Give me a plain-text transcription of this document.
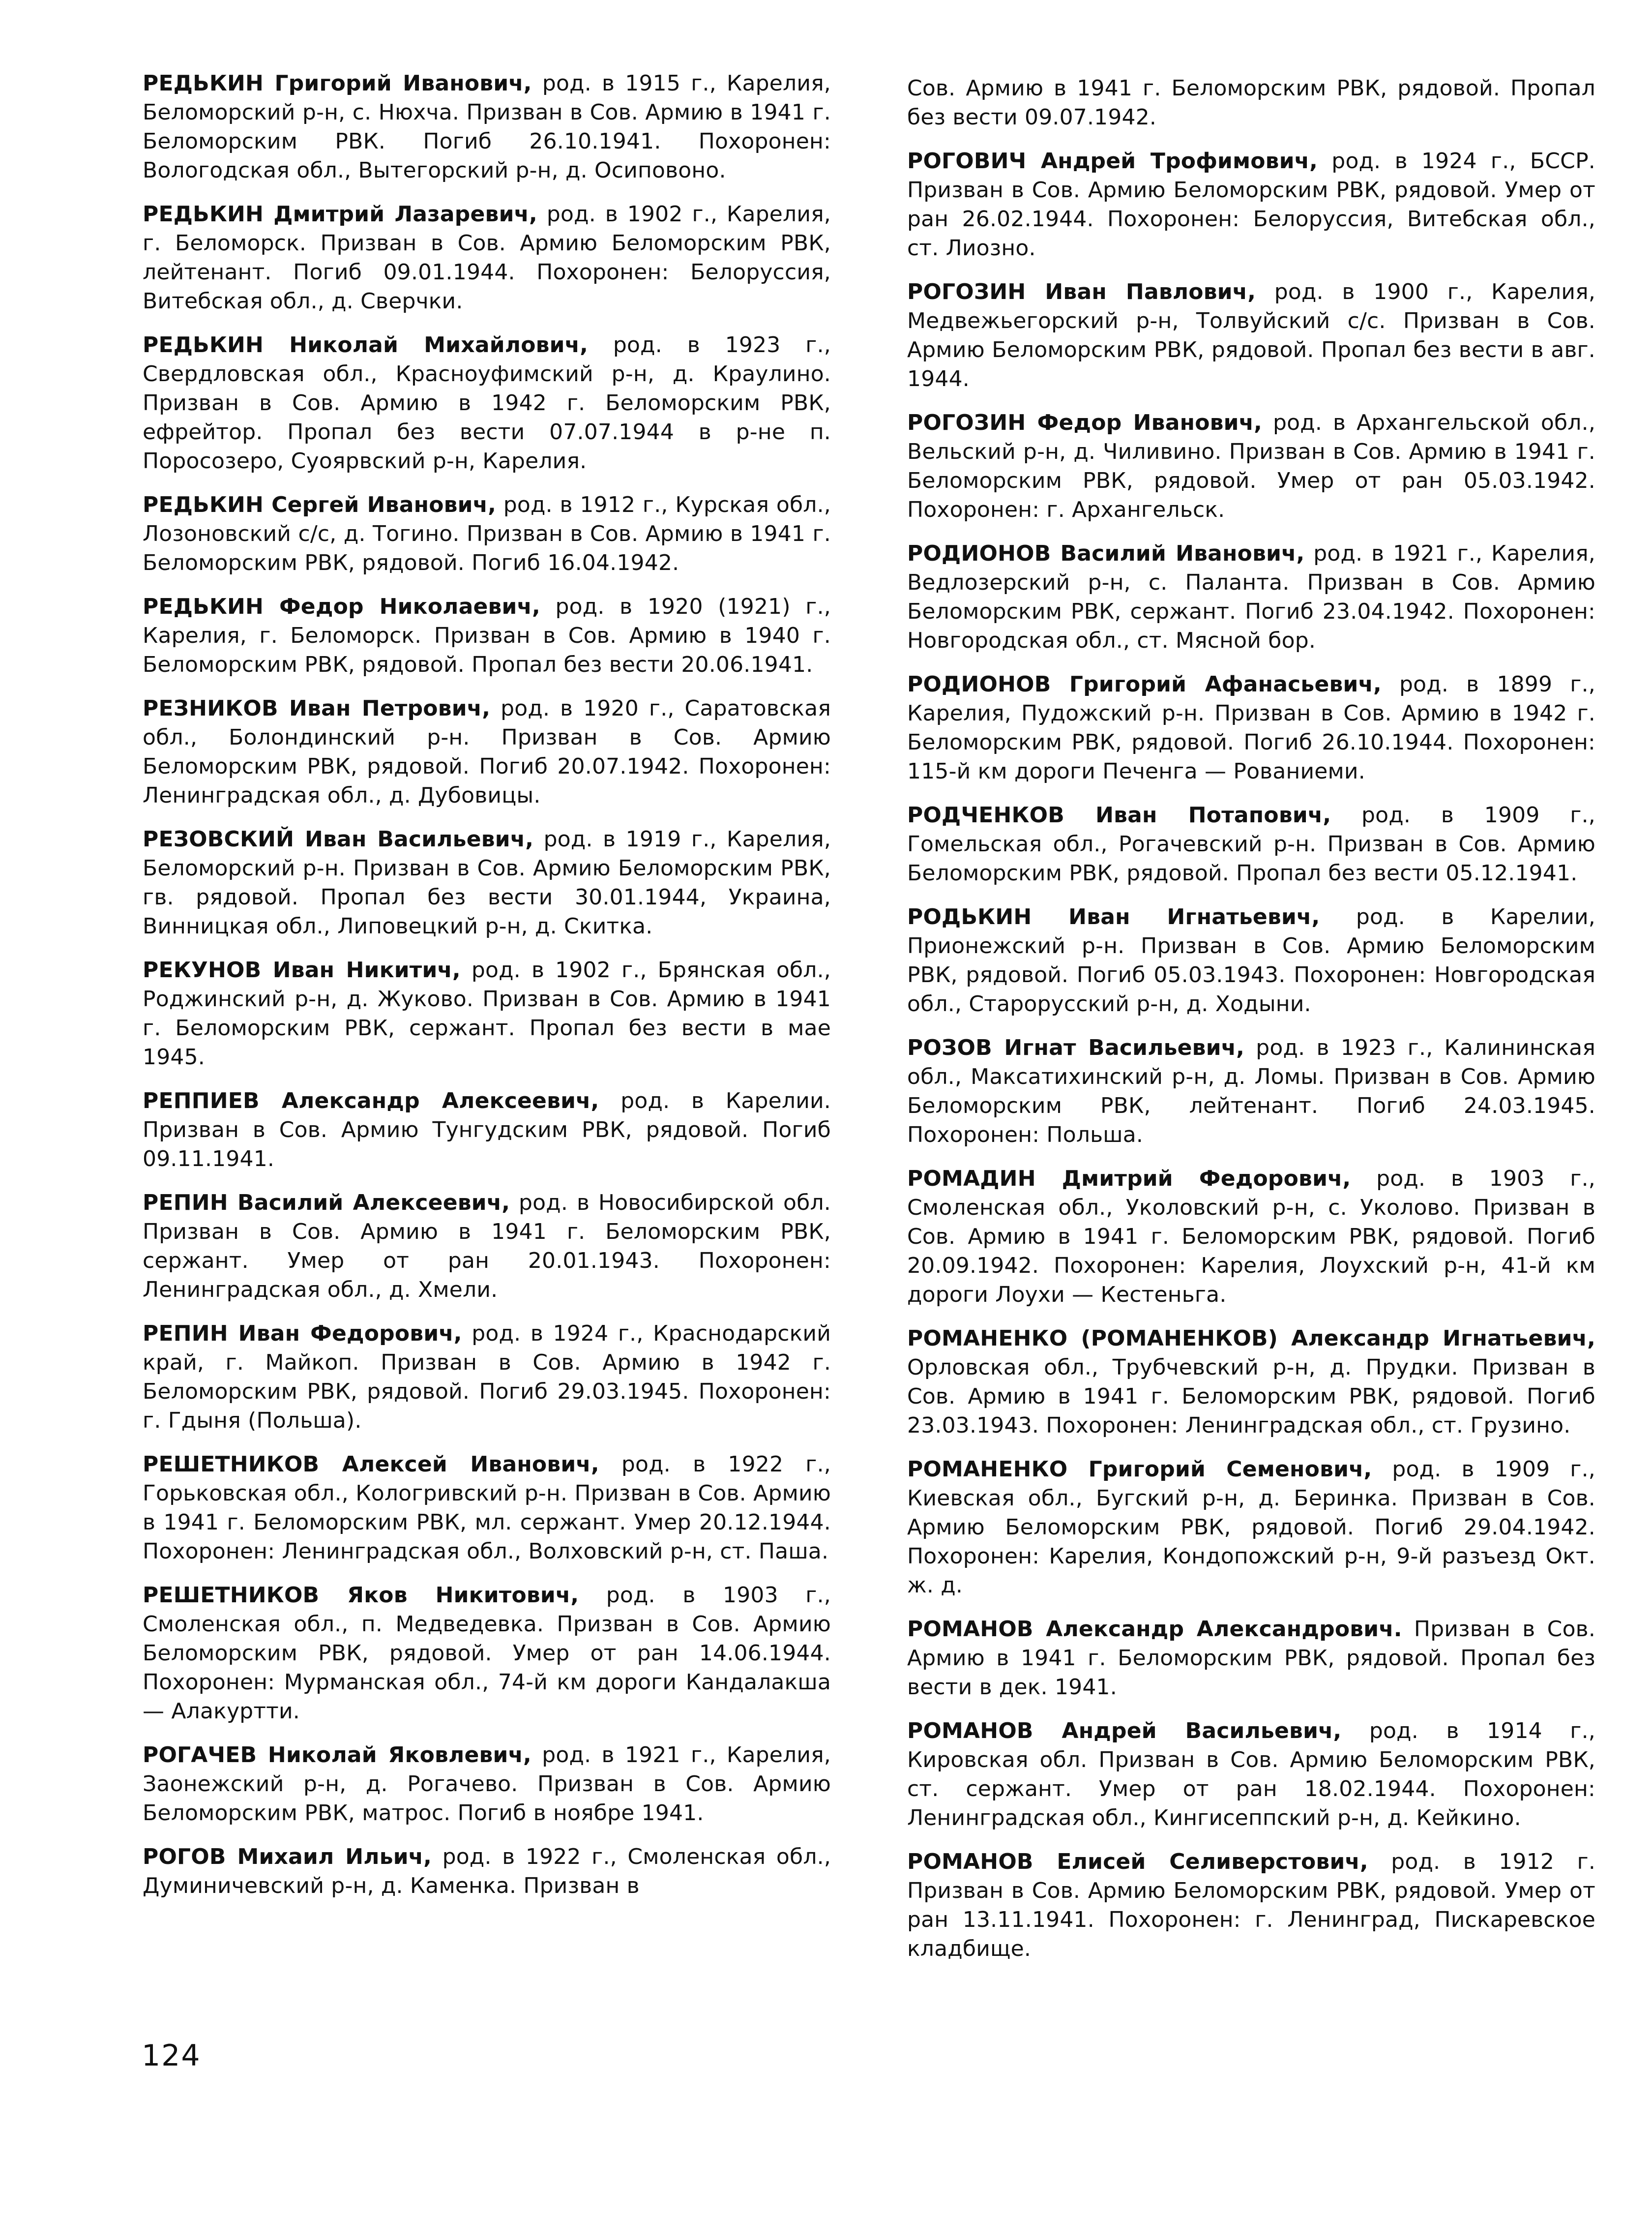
РЕДЬКИН Григорий Иванович, род. в 1915 г., Карелия, Беломорский р-н, с. Нюхча. Призван в Сов. Армию в 1941 г. Беломорским РВК. Погиб 26.10.1941. Похоронен: Вологодская обл., Вытегорский р-н, д. Осиповоно.

РЕДЬКИН Дмитрий Лазаревич, род. в 1902 г., Карелия, г. Беломорск. Призван в Сов. Армию Беломорским РВК, лейтенант. Погиб 09.01.1944. Похоронен: Белоруссия, Витебская обл., д. Сверчки.

РЕДЬКИН Николай Михайлович, род. в 1923 г., Свердловская обл., Красноуфимский р-н, д. Краулино. Призван в Сов. Армию в 1942 г. Беломорским РВК, ефрейтор. Пропал без вести 07.07.1944 в р-не п. Поросозеро, Суоярвский р-н, Карелия.

РЕДЬКИН Сергей Иванович, род. в 1912 г., Курская обл., Лозоновский с/с, д. Тогино. Призван в Сов. Армию в 1941 г. Беломорским РВК, рядовой. Погиб 16.04.1942.

РЕДЬКИН Федор Николаевич, род. в 1920 (1921) г., Карелия, г. Беломорск. Призван в Сов. Армию в 1940 г. Беломорским РВК, рядовой. Пропал без вести 20.06.1941.

РЕЗНИКОВ Иван Петрович, род. в 1920 г., Саратовская обл., Болондинский р-н. Призван в Сов. Армию Беломорским РВК, рядовой. Погиб 20.07.1942. Похоронен: Ленинградская обл., д. Дубовицы.

РЕЗОВСКИЙ Иван Васильевич, род. в 1919 г., Карелия, Беломорский р-н. Призван в Сов. Армию Беломорским РВК, гв. рядовой. Пропал без вести 30.01.1944, Украина, Винницкая обл., Липовецкий р-н, д. Скитка.

РЕКУНОВ Иван Никитич, род. в 1902 г., Брянская обл., Роджинский р-н, д. Жуково. Призван в Сов. Армию в 1941 г. Беломорским РВК, сержант. Пропал без вести в мае 1945.

РЕППИЕВ Александр Алексеевич, род. в Карелии. Призван в Сов. Армию Тунгудским РВК, рядовой. Погиб 09.11.1941.

РЕПИН Василий Алексеевич, род. в Новосибирской обл. Призван в Сов. Армию в 1941 г. Беломорским РВК, сержант. Умер от ран 20.01.1943. Похоронен: Ленинградская обл., д. Хмели.

РЕПИН Иван Федорович, род. в 1924 г., Краснодарский край, г. Майкоп. Призван в Сов. Армию в 1942 г. Беломорским РВК, рядовой. Погиб 29.03.1945. Похоронен: г. Гдыня (Польша).

РЕШЕТНИКОВ Алексей Иванович, род. в 1922 г., Горьковская обл., Кологривский р-н. Призван в Сов. Армию в 1941 г. Беломорским РВК, мл. сержант. Умер 20.12.1944. Похоронен: Ленинградская обл., Волховский р-н, ст. Паша.

РЕШЕТНИКОВ Яков Никитович, род. в 1903 г., Смоленская обл., п. Медведевка. Призван в Сов. Армию Беломорским РВК, рядовой. Умер от ран 14.06.1944. Похоронен: Мурманская обл., 74-й км дороги Кандалакша — Алакуртти.

РОГАЧЕВ Николай Яковлевич, род. в 1921 г., Карелия, Заонежский р-н, д. Рогачево. Призван в Сов. Армию Беломорским РВК, матрос. Погиб в ноябре 1941.

РОГОВ Михаил Ильич, род. в 1922 г., Смоленская обл., Думиничевский р-н, д. Каменка. Призван в

Сов. Армию в 1941 г. Беломорским РВК, рядовой. Пропал без вести 09.07.1942.

РОГОВИЧ Андрей Трофимович, род. в 1924 г., БССР. Призван в Сов. Армию Беломорским РВК, рядовой. Умер от ран 26.02.1944. Похоронен: Белоруссия, Витебская обл., ст. Лиозно.

РОГОЗИН Иван Павлович, род. в 1900 г., Карелия, Медвежьегорский р-н, Толвуйский с/с. Призван в Сов. Армию Беломорским РВК, рядовой. Пропал без вести в авг. 1944.

РОГОЗИН Федор Иванович, род. в Архангельской обл., Вельский р-н, д. Чиливино. Призван в Сов. Армию в 1941 г. Беломорским РВК, рядовой. Умер от ран 05.03.1942. Похоронен: г. Архангельск.

РОДИОНОВ Василий Иванович, род. в 1921 г., Карелия, Ведлозерский р-н, с. Паланта. Призван в Сов. Армию Беломорским РВК, сержант. Погиб 23.04.1942. Похоронен: Новгородская обл., ст. Мясной бор.

РОДИОНОВ Григорий Афанасьевич, род. в 1899 г., Карелия, Пудожский р-н. Призван в Сов. Армию в 1942 г. Беломорским РВК, рядовой. Погиб 26.10.1944. Похоронен: 115-й км дороги Печенга — Рованиеми.

РОДЧЕНКОВ Иван Потапович, род. в 1909 г., Гомельская обл., Рогачевский р-н. Призван в Сов. Армию Беломорским РВК, рядовой. Пропал без вести 05.12.1941.

РОДЬКИН Иван Игнатьевич, род. в Карелии, Прионежский р-н. Призван в Сов. Армию Беломорским РВК, рядовой. Погиб 05.03.1943. Похоронен: Новгородская обл., Старорусский р-н, д. Ходыни.

РОЗОВ Игнат Васильевич, род. в 1923 г., Калининская обл., Максатихинский р-н, д. Ломы. Призван в Сов. Армию Беломорским РВК, лейтенант. Погиб 24.03.1945. Похоронен: Польша.

РОМАДИН Дмитрий Федорович, род. в 1903 г., Смоленская обл., Уколовский р-н, с. Уколово. Призван в Сов. Армию в 1941 г. Беломорским РВК, рядовой. Погиб 20.09.1942. Похоронен: Карелия, Лоухский р-н, 41-й км дороги Лоухи — Кестеньга.

РОМАНЕНКО (РОМАНЕНКОВ) Александр Игнатьевич, Орловская обл., Трубчевский р-н, д. Прудки. Призван в Сов. Армию в 1941 г. Беломорским РВК, рядовой. Погиб 23.03.1943. Похоронен: Ленинградская обл., ст. Грузино.

РОМАНЕНКО Григорий Семенович, род. в 1909 г., Киевская обл., Бугский р-н, д. Беринка. Призван в Сов. Армию Беломорским РВК, рядовой. Погиб 29.04.1942. Похоронен: Карелия, Кондопожский р-н, 9-й разъезд Окт. ж. д.

РОМАНОВ Александр Александрович. Призван в Сов. Армию в 1941 г. Беломорским РВК, рядовой. Пропал без вести в дек. 1941.

РОМАНОВ Андрей Васильевич, род. в 1914 г., Кировская обл. Призван в Сов. Армию Беломорским РВК, ст. сержант. Умер от ран 18.02.1944. Похоронен: Ленинградская обл., Кингисеппский р-н, д. Кейкино.

РОМАНОВ Елисей Селиверстович, род. в 1912 г. Призван в Сов. Армию Беломорским РВК, рядовой. Умер от ран 13.11.1941. Похоронен: г. Ленинград, Пискаревское кладбище.

124
